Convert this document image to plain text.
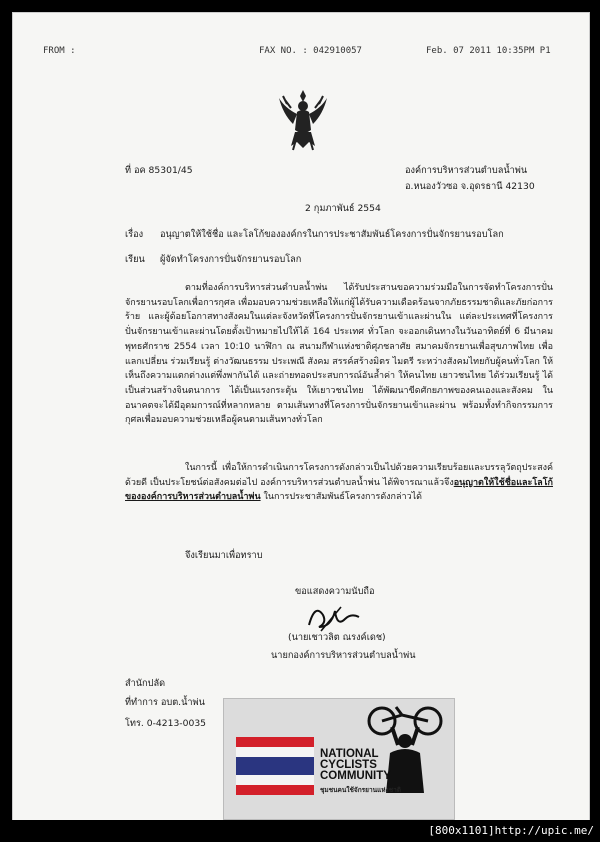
FROM :	FAX NO. : 042910057	Feb. 07 2011 10:35PM P1
ที่ อค 85301/45	องค์การบริหารส่วนตำบลน้ำพ่น
อ.หนองวัวซอ จ.อุดรธานี 42130
2 กุมภาพันธ์ 2554
เรื่อง อนุญาตให้ใช้ชื่อ และโลโก้ขององค์กรในการประชาสัมพันธ์โครงการปั่นจักรยานรอบโลก
เรียน ผู้จัดทำโครงการปั่นจักรยานรอบโลก
ตามที่องค์การบริหารส่วนตำบลน้ำพ่น ได้รับประสานขอความร่วมมือในการจัดทำโครงการปั่นจักรยานรอบโลกเพื่อการกุศล เพื่อมอบความช่วยเหลือให้แก่ผู้ได้รับความเดือดร้อนจากภัยธรรมชาติและภัยก่อการร้าย และผู้ด้อยโอกาสทางสังคมในแต่ละจังหวัดที่โครงการปั่นจักรยานเข้าและผ่านใน แต่ละประเทศที่โครงการปั่นจักรยานเข้าและผ่านโดยตั้งเป้าหมายไปให้ได้ 164 ประเทศ ทั่วโลก จะออกเดินทางในวันอาทิตย์ที่ 6 มีนาคม พุทธศักราช 2554 เวลา 10:10 นาฬิกา ณ สนามกีฬาแห่งชาติศุภชลาศัย สมาคมจักรยานเพื่อสุขภาพไทย เพื่อแลกเปลี่ยน ร่วมเรียนรู้ ต่างวัฒนธรรม ประเพณี สังคม สรรค์สร้างมิตร ไมตรี ระหว่างสังคมไทยกับผู้คนทั่วโลก ให้เห็นถึงความแตกต่างแต่พึ่งพากันได้ และถ่ายทอดประสบการณ์อันล้ำค่า ให้คนไทย เยาวชนไทย ได้ร่วมเรียนรู้ ได้เป็นส่วนสร้างจินตนาการ ได้เป็นแรงกระตุ้น ให้เยาวชนไทย ได้พัฒนาขีดศักยภาพของคนเองและสังคม ในอนาคตจะได้มีอุดมการณ์ที่หลากหลาย ตามเส้นทางที่โครงการปั่นจักรยานเข้าและผ่าน พร้อมทั้งทำกิจกรรมการกุศลเพื่อมอบความช่วยเหลือผู้คนตามเส้นทางทั่วโลก
ในการนี้ เพื่อให้การดำเนินการโครงการดังกล่าวเป็นไปด้วยความเรียบร้อยและบรรลุวัตถุประสงค์ด้วยดี เป็นประโยชน์ต่อสังคมต่อไป องค์การบริหารส่วนตำบลน้ำพ่น ได้พิจารณาแล้วจึงอนุญาตให้ใช้ชื่อและโลโก้ขององค์การบริหารส่วนตำบลน้ำพ่น ในการประชาสัมพันธ์โครงการดังกล่าวได้
จึงเรียนมาเพื่อทราบ
ขอแสดงความนับถือ
(นายเชาวลิต ณรงค์เดช)
นายกองค์การบริหารส่วนตำบลน้ำพ่น
สำนักปลัด
ที่ทำการ อบต.น้ำพ่น
โทร. 0-4213-0035
NATIONAL
CYCLISTS
COMMUNITY
ชุมชนคนใช้จักรยานแห่งชาติ
[800x1101]http://upic.me/
